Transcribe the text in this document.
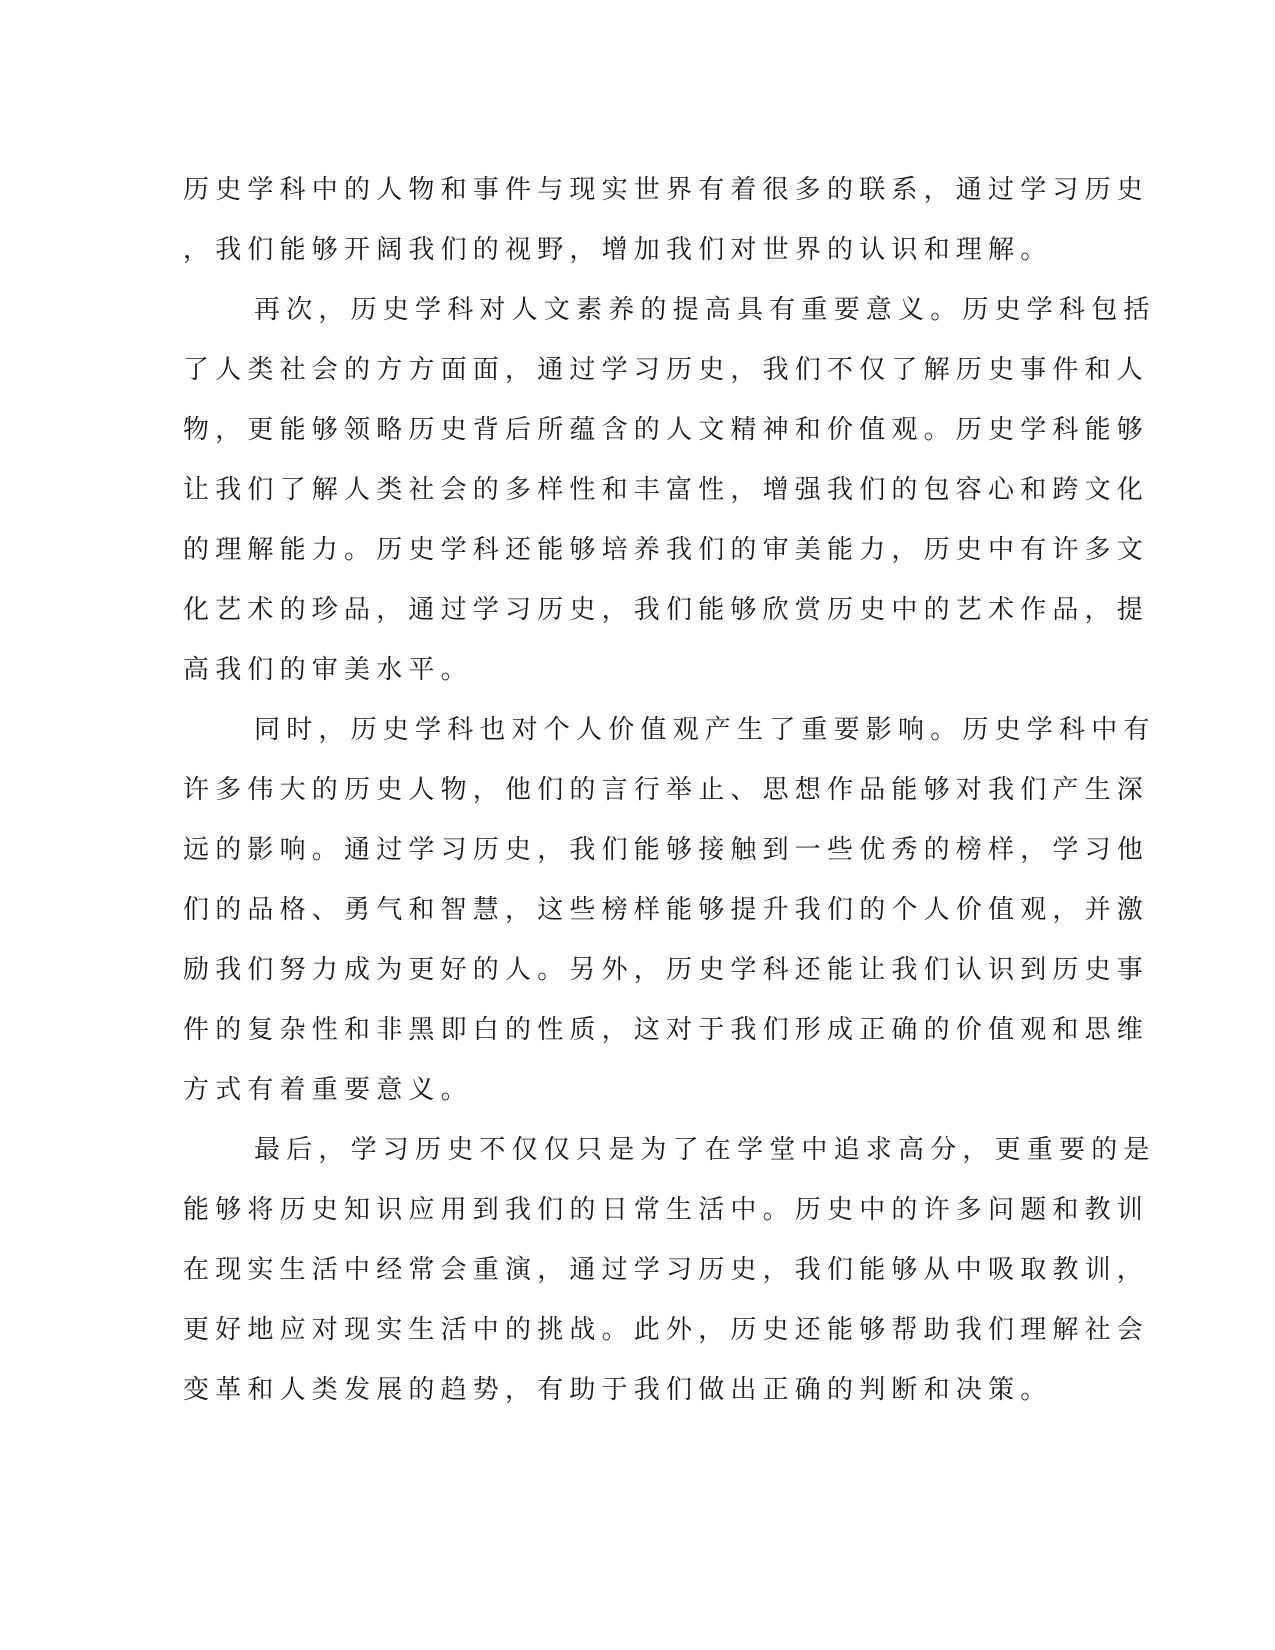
历史学科中的人物和事件与现实世界有着很多的联系，通过学习历史
，我们能够开阔我们的视野，增加我们对世界的认识和理解。
再次，历史学科对人文素养的提高具有重要意义。历史学科包括
了人类社会的方方面面，通过学习历史，我们不仅了解历史事件和人
物，更能够领略历史背后所蕴含的人文精神和价值观。历史学科能够
让我们了解人类社会的多样性和丰富性，增强我们的包容心和跨文化
的理解能力。历史学科还能够培养我们的审美能力，历史中有许多文
化艺术的珍品，通过学习历史，我们能够欣赏历史中的艺术作品，提
高我们的审美水平。
同时，历史学科也对个人价值观产生了重要影响。历史学科中有
许多伟大的历史人物，他们的言行举止、思想作品能够对我们产生深
远的影响。通过学习历史，我们能够接触到一些优秀的榜样，学习他
们的品格、勇气和智慧，这些榜样能够提升我们的个人价值观，并激
励我们努力成为更好的人。另外，历史学科还能让我们认识到历史事
件的复杂性和非黑即白的性质，这对于我们形成正确的价值观和思维
方式有着重要意义。
最后，学习历史不仅仅只是为了在学堂中追求高分，更重要的是
能够将历史知识应用到我们的日常生活中。历史中的许多问题和教训
在现实生活中经常会重演，通过学习历史，我们能够从中吸取教训，
更好地应对现实生活中的挑战。此外，历史还能够帮助我们理解社会
变革和人类发展的趋势，有助于我们做出正确的判断和决策。
